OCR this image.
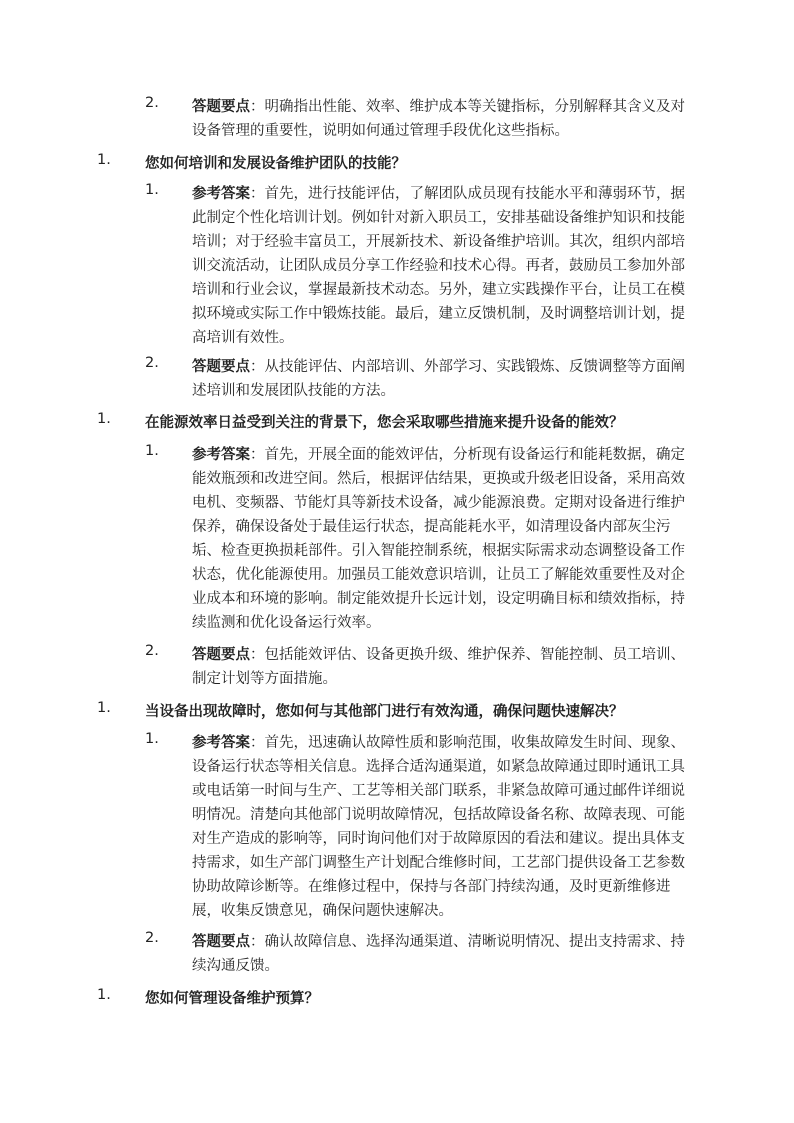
2. 答题要点：明确指出性能、效率、维护成本等关键指标，分别解释其含义及对
设备管理的重要性，说明如何通过管理手段优化这些指标。
1. 您如何培训和发展设备维护团队的技能？
1. 参考答案：首先，进行技能评估，了解团队成员现有技能水平和薄弱环节，据
此制定个性化培训计划。例如针对新入职员工，安排基础设备维护知识和技能
培训；对于经验丰富员工，开展新技术、新设备维护培训。其次，组织内部培
训交流活动，让团队成员分享工作经验和技术心得。再者，鼓励员工参加外部
培训和行业会议，掌握最新技术动态。另外，建立实践操作平台，让员工在模
拟环境或实际工作中锻炼技能。最后，建立反馈机制，及时调整培训计划，提
高培训有效性。
2. 答题要点：从技能评估、内部培训、外部学习、实践锻炼、反馈调整等方面阐
述培训和发展团队技能的方法。
1. 在能源效率日益受到关注的背景下，您会采取哪些措施来提升设备的能效？
1. 参考答案：首先，开展全面的能效评估，分析现有设备运行和能耗数据，确定
能效瓶颈和改进空间。然后，根据评估结果，更换或升级老旧设备，采用高效
电机、变频器、节能灯具等新技术设备，减少能源浪费。定期对设备进行维护
保养，确保设备处于最佳运行状态，提高能耗水平，如清理设备内部灰尘污
垢、检查更换损耗部件。引入智能控制系统，根据实际需求动态调整设备工作
状态，优化能源使用。加强员工能效意识培训，让员工了解能效重要性及对企
业成本和环境的影响。制定能效提升长远计划，设定明确目标和绩效指标，持
续监测和优化设备运行效率。
2. 答题要点：包括能效评估、设备更换升级、维护保养、智能控制、员工培训、
制定计划等方面措施。
1. 当设备出现故障时，您如何与其他部门进行有效沟通，确保问题快速解决？
1. 参考答案：首先，迅速确认故障性质和影响范围，收集故障发生时间、现象、
设备运行状态等相关信息。选择合适沟通渠道，如紧急故障通过即时通讯工具
或电话第一时间与生产、工艺等相关部门联系，非紧急故障可通过邮件详细说
明情况。清楚向其他部门说明故障情况，包括故障设备名称、故障表现、可能
对生产造成的影响等，同时询问他们对于故障原因的看法和建议。提出具体支
持需求，如生产部门调整生产计划配合维修时间，工艺部门提供设备工艺参数
协助故障诊断等。在维修过程中，保持与各部门持续沟通，及时更新维修进
展，收集反馈意见，确保问题快速解决。
2. 答题要点：确认故障信息、选择沟通渠道、清晰说明情况、提出支持需求、持
续沟通反馈。
1. 您如何管理设备维护预算？
